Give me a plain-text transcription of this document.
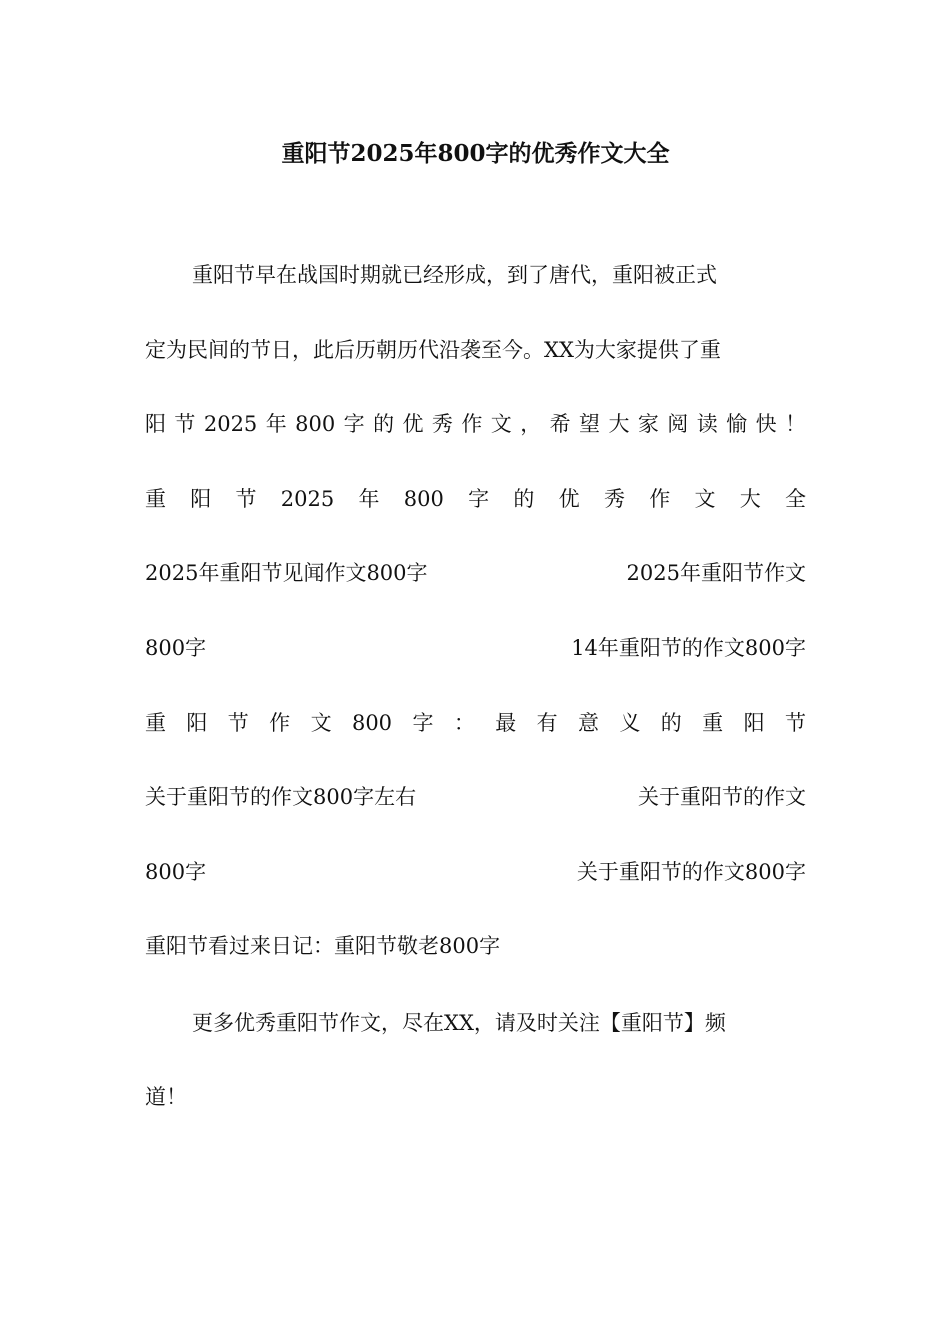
重阳节2025年800字的优秀作文大全
重阳节早在战国时期就已经形成，到了唐代，重阳被正式
定为民间的节日，此后历朝历代沿袭至今。XX为大家提供了重
阳 节 2025 年 800 字 的 优 秀 作 文 ， 希 望 大 家 阅 读 愉 快 ！
重 阳 节 2025 年 800 字 的 优 秀 作 文 大 全
2025年重阳节见闻作文800字	2025年重阳节作文
800字	14年重阳节的作文800字
重 阳 节 作 文 800 字 ： 最 有 意 义 的 重 阳 节
关于重阳节的作文800字左右	关于重阳节的作文
800字	关于重阳节的作文800字
重阳节看过来日记：重阳节敬老800字
更多优秀重阳节作文，尽在XX，请及时关注【重阳节】频
道！
